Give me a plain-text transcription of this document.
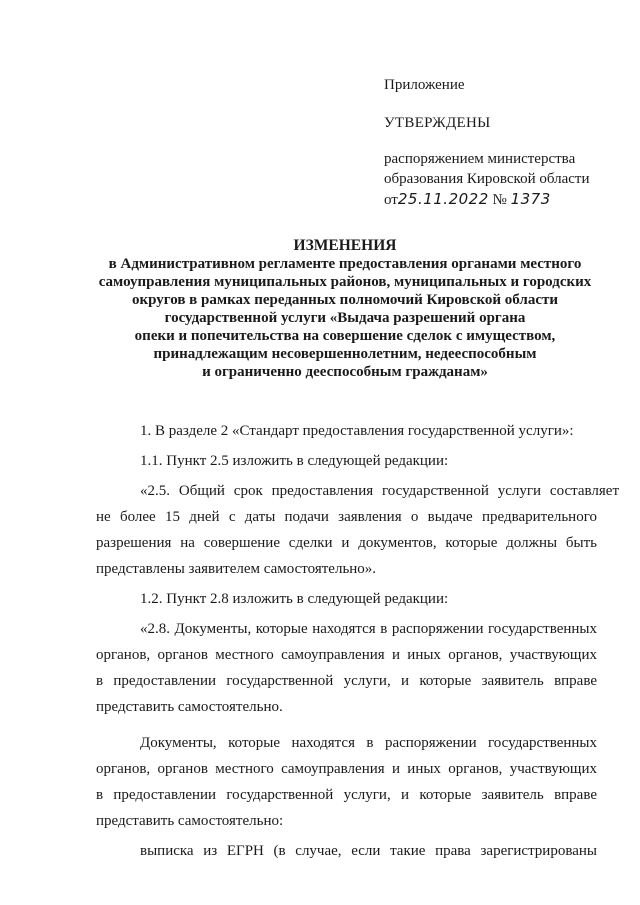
Приложение
УТВЕРЖДЕНЫ
распоряжением министерства
образования Кировской области
от25.11.2022 № 1373
ИЗМЕНЕНИЯ
в Административном регламенте предоставления органами местного
самоуправления муниципальных районов, муниципальных и городских
округов в рамках переданных полномочий Кировской области
государственной услуги «Выдача разрешений органа
опеки и попечительства на совершение сделок с имуществом,
принадлежащим несовершеннолетним, недееспособным
и ограниченно дееспособным гражданам»
1. В разделе 2 «Стандарт предоставления государственной услуги»:
1.1. Пункт 2.5 изложить в следующей редакции:
«2.5. Общий срок предоставления государственной услуги составляет
не более 15 дней с даты подачи заявления о выдаче предварительного
разрешения на совершение сделки и документов, которые должны быть
представлены заявителем самостоятельно».
1.2. Пункт 2.8 изложить в следующей редакции:
«2.8. Документы, которые находятся в распоряжении государственных
органов, органов местного самоуправления и иных органов, участвующих
в предоставлении государственной услуги, и которые заявитель вправе
представить самостоятельно.
Документы, которые находятся в распоряжении государственных
органов, органов местного самоуправления и иных органов, участвующих
в предоставлении государственной услуги, и которые заявитель вправе
представить самостоятельно:
выписка из ЕГРН (в случае, если такие права зарегистрированы
